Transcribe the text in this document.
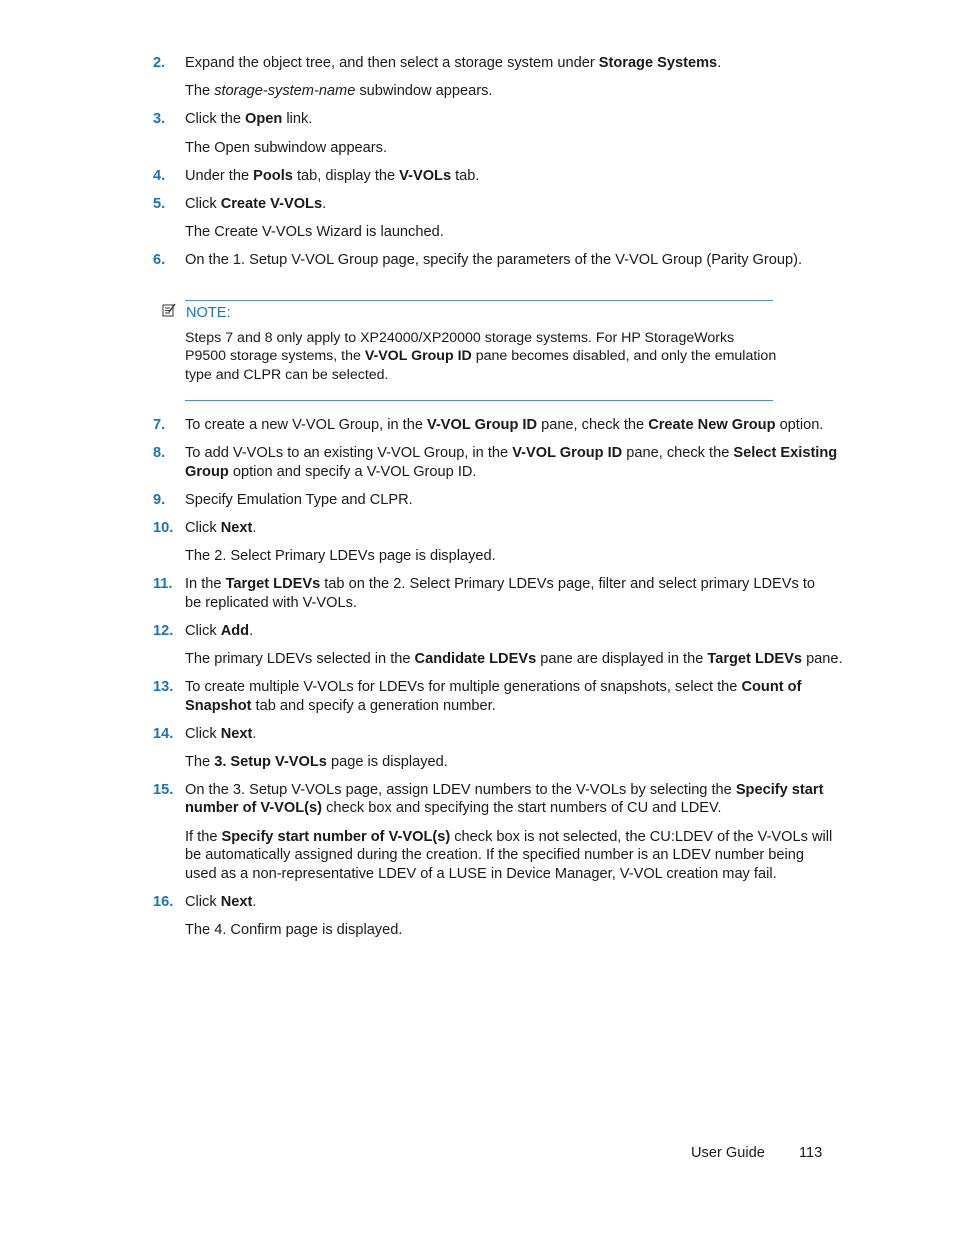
2. Expand the object tree, and then select a storage system under Storage Systems.
The storage-system-name subwindow appears.
3. Click the Open link.
The Open subwindow appears.
4. Under the Pools tab, display the V-VOLs tab.
5. Click Create V-VOLs.
The Create V-VOLs Wizard is launched.
6. On the 1. Setup V-VOL Group page, specify the parameters of the V-VOL Group (Parity Group).
NOTE:
Steps 7 and 8 only apply to XP24000/XP20000 storage systems. For HP StorageWorks
P9500 storage systems, the V-VOL Group ID pane becomes disabled, and only the emulation
type and CLPR can be selected.
7. To create a new V-VOL Group, in the V-VOL Group ID pane, check the Create New Group option.
8. To add V-VOLs to an existing V-VOL Group, in the V-VOL Group ID pane, check the Select Existing
Group option and specify a V-VOL Group ID.
9. Specify Emulation Type and CLPR.
10. Click Next.
The 2. Select Primary LDEVs page is displayed.
11. In the Target LDEVs tab on the 2. Select Primary LDEVs page, filter and select primary LDEVs to
be replicated with V-VOLs.
12. Click Add.
The primary LDEVs selected in the Candidate LDEVs pane are displayed in the Target LDEVs pane.
13. To create multiple V-VOLs for LDEVs for multiple generations of snapshots, select the Count of
Snapshot tab and specify a generation number.
14. Click Next.
The 3. Setup V-VOLs page is displayed.
15. On the 3. Setup V-VOLs page, assign LDEV numbers to the V-VOLs by selecting the Specify start
number of V-VOL(s) check box and specifying the start numbers of CU and LDEV.
If the Specify start number of V-VOL(s) check box is not selected, the CU:LDEV of the V-VOLs will
be automatically assigned during the creation. If the specified number is an LDEV number being
used as a non-representative LDEV of a LUSE in Device Manager, V-VOL creation may fail.
16. Click Next.
The 4. Confirm page is displayed.
User Guide 113
